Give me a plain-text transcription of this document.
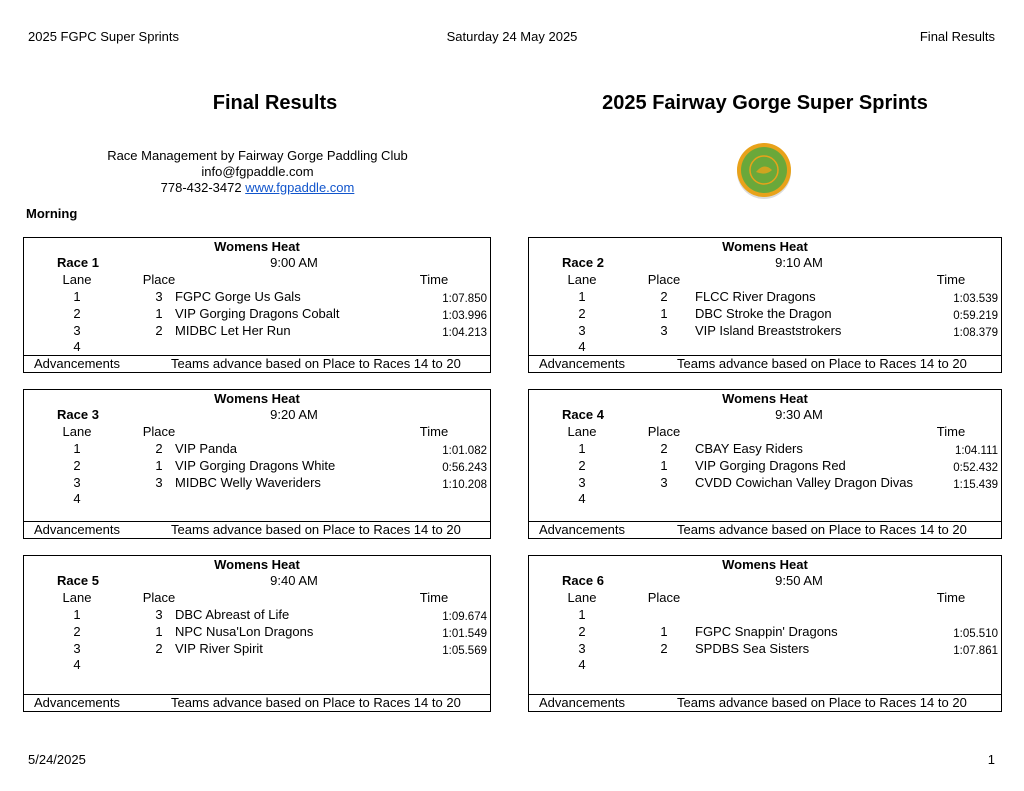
2025 FGPC Super Sprints	Saturday 24 May 2025	Final Results
Final Results	2025 Fairway Gorge Super Sprints
Race Management by Fairway Gorge Paddling Club
info@fgpaddle.com
778-432-3472 www.fgpaddle.com
Morning
Womens Heat
Race 1	9:00 AM
Lane	Place	Time
1	3 FGPC Gorge Us Gals	1:07.850
2	1 VIP Gorging Dragons Cobalt	1:03.996
3	2 MIDBC Let Her Run	1:04.213
4
Advancements	Teams advance based on Place to Races 14 to 20
Womens Heat
Race 2	9:10 AM
Lane	Place	Time
1	2	FLCC River Dragons	1:03.539
2	1	DBC Stroke the Dragon	0:59.219
3	3	VIP Island Breaststrokers	1:08.379
4
Advancements	Teams advance based on Place to Races 14 to 20
Womens Heat
Race 3	9:20 AM
Lane	Place	Time
1	2 VIP Panda	1:01.082
2	1 VIP Gorging Dragons White	0:56.243
3	3 MIDBC Welly Waveriders	1:10.208
4
Advancements	Teams advance based on Place to Races 14 to 20
Womens Heat
Race 4	9:30 AM
Lane	Place	Time
1	2	CBAY Easy Riders	1:04.111
2	1	VIP Gorging Dragons Red	0:52.432
3	3	CVDD Cowichan Valley Dragon Divas	1:15.439
4
Advancements	Teams advance based on Place to Races 14 to 20
Womens Heat
Race 5	9:40 AM
Lane	Place	Time
1	3 DBC Abreast of Life	1:09.674
2	1 NPC Nusa'Lon Dragons	1:01.549
3	2 VIP River Spirit	1:05.569
4
Advancements	Teams advance based on Place to Races 14 to 20
Womens Heat
Race 6	9:50 AM
Lane	Place	Time
1
2	1	FGPC Snappin' Dragons	1:05.510
3	2	SPDBS Sea Sisters	1:07.861
4
Advancements	Teams advance based on Place to Races 14 to 20
5/24/2025	1
